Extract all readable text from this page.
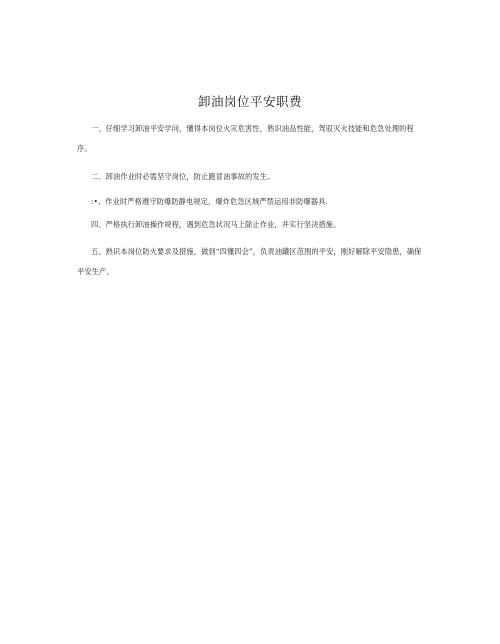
卸油岗位平安职费

一、仔细学习卸油平安学问，懂得本岗位火灾危害性，熟识油品性能，驾驭灭火技能和危急处理的程序。

二、卸油作业时必需坚守岗位，防止跑冒油事故的发生。

:•、作业时严格遵守防爆防静电规定，爆炸危急区域严禁运用非防爆器具.

四、严格执行卸油操作规程，遇到危急状况马上除止作业，并实行坚决措施。

五、熟识本岗位防火要求及措施，做到“四懂四会”，负责油罐区范围的平安，刚好解除平安隐患，确保平安生产。
